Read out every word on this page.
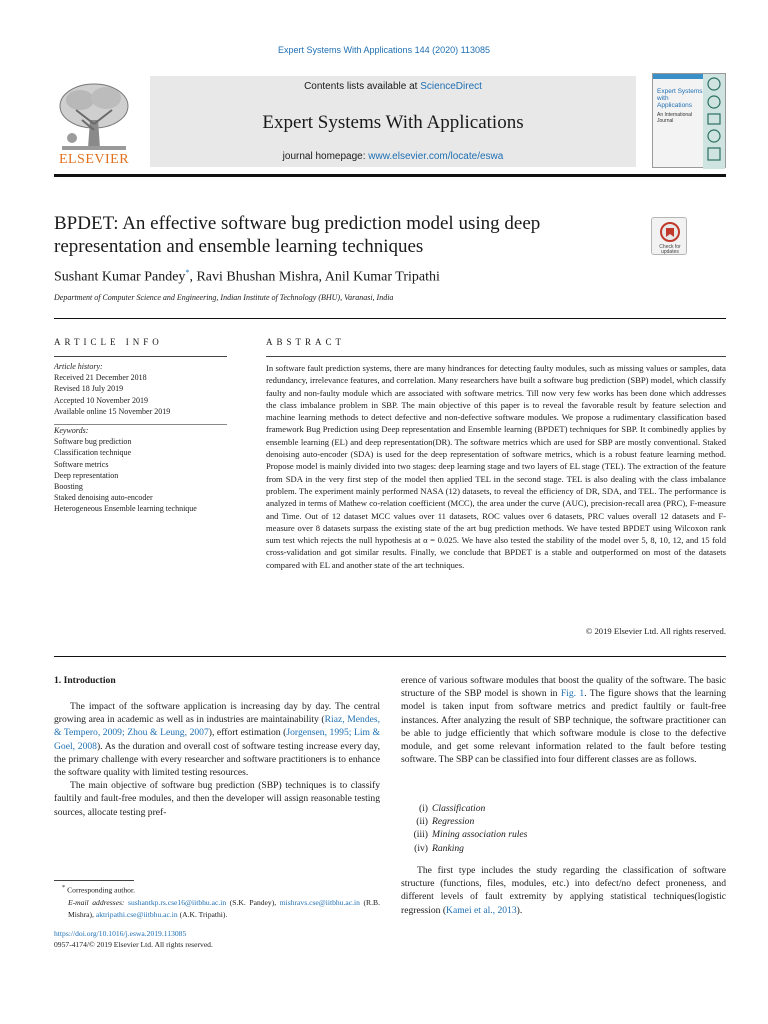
Expert Systems With Applications 144 (2020) 113085
ELSEVIER
Contents lists available at ScienceDirect
Expert Systems With Applications
journal homepage: www.elsevier.com/locate/eswa
Expert Systems with Applications
An International Journal
BPDET: An effective software bug prediction model using deep representation and ensemble learning techniques	Check for
updates
Sushant Kumar Pandey*, Ravi Bhushan Mishra, Anil Kumar Tripathi
Department of Computer Science and Engineering, Indian Institute of Technology (BHU), Varanasi, India
ARTICLE INFO
Article history:
Received 21 December 2018
Revised 18 July 2019
Accepted 10 November 2019
Available online 15 November 2019
Keywords:
Software bug prediction
Classification technique
Software metrics
Deep representation
Boosting
Staked denoising auto-encoder
Heterogeneous Ensemble learning technique
ABSTRACT
In software fault prediction systems, there are many hindrances for detecting faulty modules, such as missing values or samples, data redundancy, irrelevance features, and correlation. Many researchers have built a software bug prediction (SBP) model, which classify faulty and non-faulty module which are associated with software metrics. Till now very few works has been done which addresses the class imbalance problem in SBP. The main objective of this paper is to reveal the favorable result by feature selection and machine learning methods to detect defective and non-defective software modules. We propose a rudimentary classification based framework Bug Prediction using Deep representation and Ensemble learning (BPDET) techniques for SBP. It combinedly applies by ensemble learning (EL) and deep representation(DR). The software metrics which are used for SBP are mostly conventional. Staked denoising auto-encoder (SDA) is used for the deep representation of software metrics, which is a robust feature learning method. Propose model is mainly divided into two stages: deep learning stage and two layers of EL stage (TEL). The extraction of the feature from SDA in the very first step of the model then applied TEL in the second stage. TEL is also dealing with the class imbalance problem. The experiment mainly performed NASA (12) datasets, to reveal the efficiency of DR, SDA, and TEL. The performance is analyzed in terms of Mathew co-relation coefficient (MCC), the area under the curve (AUC), precision-recall area (PRC), F-measure and Time. Out of 12 dataset MCC values over 11 datasets, ROC values over 6 datasets, PRC values overall 12 datasets and F-measure over 8 datasets surpass the existing state of the art bug prediction methods. We have tested BPDET using Wilcoxon rank sum test which rejects the null hypothesis at α = 0.025. We have also tested the stability of the model over 5, 8, 10, 12, and 15 fold cross-validation and got similar results. Finally, we conclude that BPDET is a stable and outperformed on most of the datasets compared with EL and another state of the art techniques.
© 2019 Elsevier Ltd. All rights reserved.
1. Introduction

The impact of the software application is increasing day by day. The central growing area in academic as well as in industries are maintainability (Riaz, Mendes, & Tempero, 2009; Zhou & Leung, 2007), effort estimation (Jorgensen, 1995; Lim & Goel, 2008). As the duration and overall cost of software testing increase every day, the primary challenge with every researcher and software practitioners is to enhance the software quality with limited testing resources.

The main objective of software bug prediction (SBP) techniques is to classify faultily and fault-free modules, and then the developer will assign reasonable testing sources, allocate testing pref-

erence of various software modules that boost the quality of the software. The basic structure of the SBP model is shown in Fig. 1. The figure shows that the learning model is taken input from software metrics and predict faultily or fault-free instances. After analyzing the result of SBP technique, the software practitioner can be able to judge efficiently that which software module is close to the defective module, and get some relevant information related to the fault before testing software. The SBP can be classified into four different classes are as follows.
(i) Classification
(ii) Regression
(iii) Mining association rules
(iv) Ranking
The first type includes the study regarding the classification of software structure (functions, files, modules, etc.) into defect/no defect proneness, and different levels of fault extremity by applying statistical techniques(logistic regression (Kamei et al., 2013).
* Corresponding author.
E-mail addresses: sushantkp.rs.cse16@iitbhu.ac.in (S.K. Pandey), mishravs.cse@iitbhu.ac.in (R.B. Mishra), aktripathi.cse@iitbhu.ac.in (A.K. Tripathi).
https://doi.org/10.1016/j.eswa.2019.113085
0957-4174/© 2019 Elsevier Ltd. All rights reserved.
